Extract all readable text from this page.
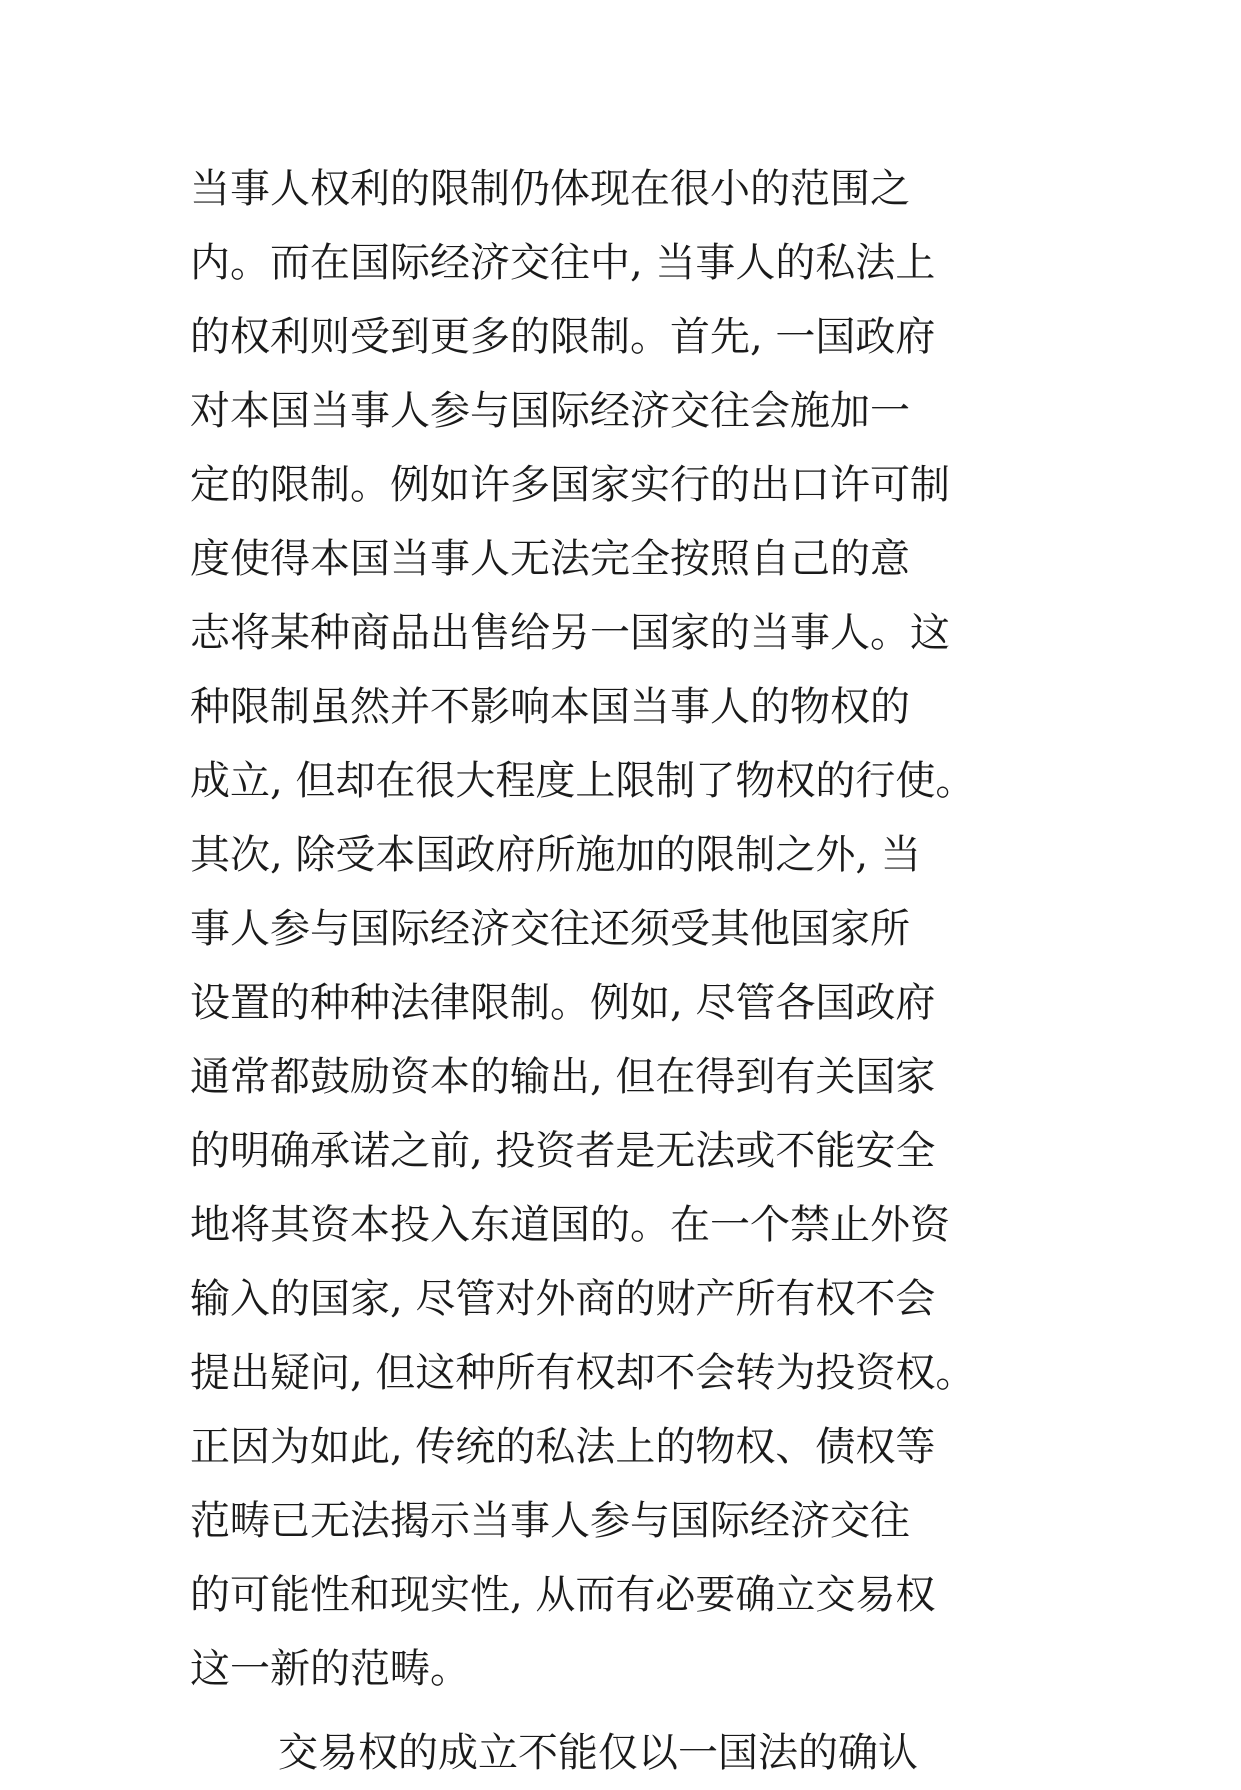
当事人权利的限制仍体现在很小的范围之
内。而在国际经济交往中, 当事人的私法上
的权利则受到更多的限制。首先, 一国政府
对本国当事人参与国际经济交往会施加一
定的限制。例如许多国家实行的出口许可制
度使得本国当事人无法完全按照自己的意
志将某种商品出售给另一国家的当事人。这
种限制虽然并不影响本国当事人的物权的
成立, 但却在很大程度上限制了物权的行使。
其次, 除受本国政府所施加的限制之外, 当
事人参与国际经济交往还须受其他国家所
设置的种种法律限制。例如, 尽管各国政府
通常都鼓励资本的输出, 但在得到有关国家
的明确承诺之前, 投资者是无法或不能安全
地将其资本投入东道国的。在一个禁止外资
输入的国家, 尽管对外商的财产所有权不会
提出疑问, 但这种所有权却不会转为投资权。
正因为如此, 传统的私法上的物权、债权等
范畴已无法揭示当事人参与国际经济交往
的可能性和现实性, 从而有必要确立交易权
这一新的范畴。
交易权的成立不能仅以一国法的确认
